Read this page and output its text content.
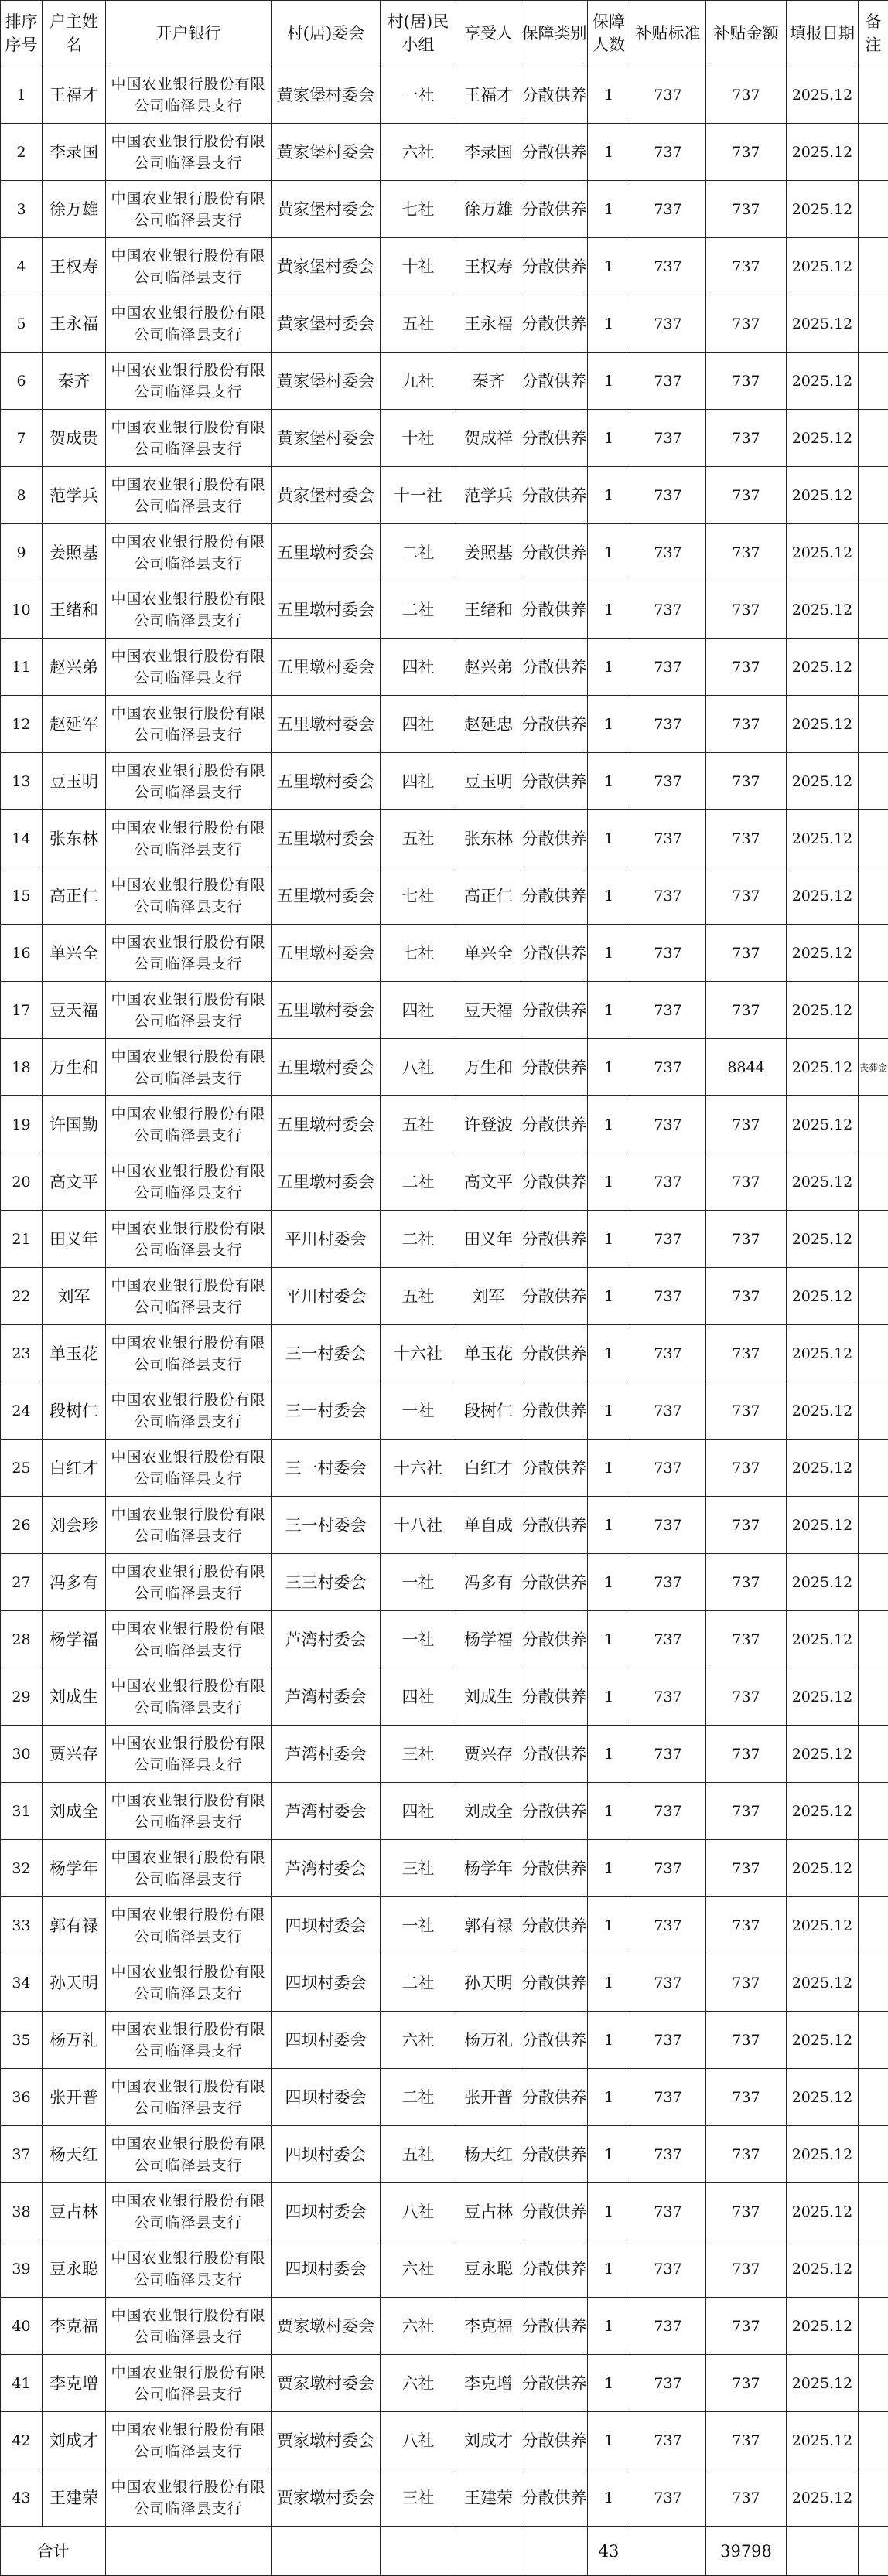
排序序号	户主姓名	开户银行	村(居)委会	村(居)民小组	享受人	保障类别	保障人数	补贴标准	补贴金额	填报日期	备注
1	王福才	中国农业银行股份有限公司临泽县支行	黄家堡村委会	一社	王福才	分散供养	1	737	737	2025.12	
2	李录国	中国农业银行股份有限公司临泽县支行	黄家堡村委会	六社	李录国	分散供养	1	737	737	2025.12	
3	徐万雄	中国农业银行股份有限公司临泽县支行	黄家堡村委会	七社	徐万雄	分散供养	1	737	737	2025.12	
4	王权寿	中国农业银行股份有限公司临泽县支行	黄家堡村委会	十社	王权寿	分散供养	1	737	737	2025.12	
5	王永福	中国农业银行股份有限公司临泽县支行	黄家堡村委会	五社	王永福	分散供养	1	737	737	2025.12	
6	秦齐	中国农业银行股份有限公司临泽县支行	黄家堡村委会	九社	秦齐	分散供养	1	737	737	2025.12	
7	贺成贵	中国农业银行股份有限公司临泽县支行	黄家堡村委会	十社	贺成祥	分散供养	1	737	737	2025.12	
8	范学兵	中国农业银行股份有限公司临泽县支行	黄家堡村委会	十一社	范学兵	分散供养	1	737	737	2025.12	
9	姜照基	中国农业银行股份有限公司临泽县支行	五里墩村委会	二社	姜照基	分散供养	1	737	737	2025.12	
10	王绪和	中国农业银行股份有限公司临泽县支行	五里墩村委会	二社	王绪和	分散供养	1	737	737	2025.12	
11	赵兴弟	中国农业银行股份有限公司临泽县支行	五里墩村委会	四社	赵兴弟	分散供养	1	737	737	2025.12	
12	赵延军	中国农业银行股份有限公司临泽县支行	五里墩村委会	四社	赵延忠	分散供养	1	737	737	2025.12	
13	豆玉明	中国农业银行股份有限公司临泽县支行	五里墩村委会	四社	豆玉明	分散供养	1	737	737	2025.12	
14	张东林	中国农业银行股份有限公司临泽县支行	五里墩村委会	五社	张东林	分散供养	1	737	737	2025.12	
15	高正仁	中国农业银行股份有限公司临泽县支行	五里墩村委会	七社	高正仁	分散供养	1	737	737	2025.12	
16	单兴全	中国农业银行股份有限公司临泽县支行	五里墩村委会	七社	单兴全	分散供养	1	737	737	2025.12	
17	豆天福	中国农业银行股份有限公司临泽县支行	五里墩村委会	四社	豆天福	分散供养	1	737	737	2025.12	
18	万生和	中国农业银行股份有限公司临泽县支行	五里墩村委会	八社	万生和	分散供养	1	737	8844	2025.12	丧葬金
19	许国勤	中国农业银行股份有限公司临泽县支行	五里墩村委会	五社	许登波	分散供养	1	737	737	2025.12	
20	高文平	中国农业银行股份有限公司临泽县支行	五里墩村委会	二社	高文平	分散供养	1	737	737	2025.12	
21	田义年	中国农业银行股份有限公司临泽县支行	平川村委会	二社	田义年	分散供养	1	737	737	2025.12	
22	刘军	中国农业银行股份有限公司临泽县支行	平川村委会	五社	刘军	分散供养	1	737	737	2025.12	
23	单玉花	中国农业银行股份有限公司临泽县支行	三一村委会	十六社	单玉花	分散供养	1	737	737	2025.12	
24	段树仁	中国农业银行股份有限公司临泽县支行	三一村委会	一社	段树仁	分散供养	1	737	737	2025.12	
25	白红才	中国农业银行股份有限公司临泽县支行	三一村委会	十六社	白红才	分散供养	1	737	737	2025.12	
26	刘会珍	中国农业银行股份有限公司临泽县支行	三一村委会	十八社	单自成	分散供养	1	737	737	2025.12	
27	冯多有	中国农业银行股份有限公司临泽县支行	三三村委会	一社	冯多有	分散供养	1	737	737	2025.12	
28	杨学福	中国农业银行股份有限公司临泽县支行	芦湾村委会	一社	杨学福	分散供养	1	737	737	2025.12	
29	刘成生	中国农业银行股份有限公司临泽县支行	芦湾村委会	四社	刘成生	分散供养	1	737	737	2025.12	
30	贾兴存	中国农业银行股份有限公司临泽县支行	芦湾村委会	三社	贾兴存	分散供养	1	737	737	2025.12	
31	刘成全	中国农业银行股份有限公司临泽县支行	芦湾村委会	四社	刘成全	分散供养	1	737	737	2025.12	
32	杨学年	中国农业银行股份有限公司临泽县支行	芦湾村委会	三社	杨学年	分散供养	1	737	737	2025.12	
33	郭有禄	中国农业银行股份有限公司临泽县支行	四坝村委会	一社	郭有禄	分散供养	1	737	737	2025.12	
34	孙天明	中国农业银行股份有限公司临泽县支行	四坝村委会	二社	孙天明	分散供养	1	737	737	2025.12	
35	杨万礼	中国农业银行股份有限公司临泽县支行	四坝村委会	六社	杨万礼	分散供养	1	737	737	2025.12	
36	张开普	中国农业银行股份有限公司临泽县支行	四坝村委会	二社	张开普	分散供养	1	737	737	2025.12	
37	杨天红	中国农业银行股份有限公司临泽县支行	四坝村委会	五社	杨天红	分散供养	1	737	737	2025.12	
38	豆占林	中国农业银行股份有限公司临泽县支行	四坝村委会	八社	豆占林	分散供养	1	737	737	2025.12	
39	豆永聪	中国农业银行股份有限公司临泽县支行	四坝村委会	六社	豆永聪	分散供养	1	737	737	2025.12	
40	李克福	中国农业银行股份有限公司临泽县支行	贾家墩村委会	六社	李克福	分散供养	1	737	737	2025.12	
41	李克增	中国农业银行股份有限公司临泽县支行	贾家墩村委会	六社	李克增	分散供养	1	737	737	2025.12	
42	刘成才	中国农业银行股份有限公司临泽县支行	贾家墩村委会	八社	刘成才	分散供养	1	737	737	2025.12	
43	王建荣	中国农业银行股份有限公司临泽县支行	贾家墩村委会	三社	王建荣	分散供养	1	737	737	2025.12	
合计							43		39798		
